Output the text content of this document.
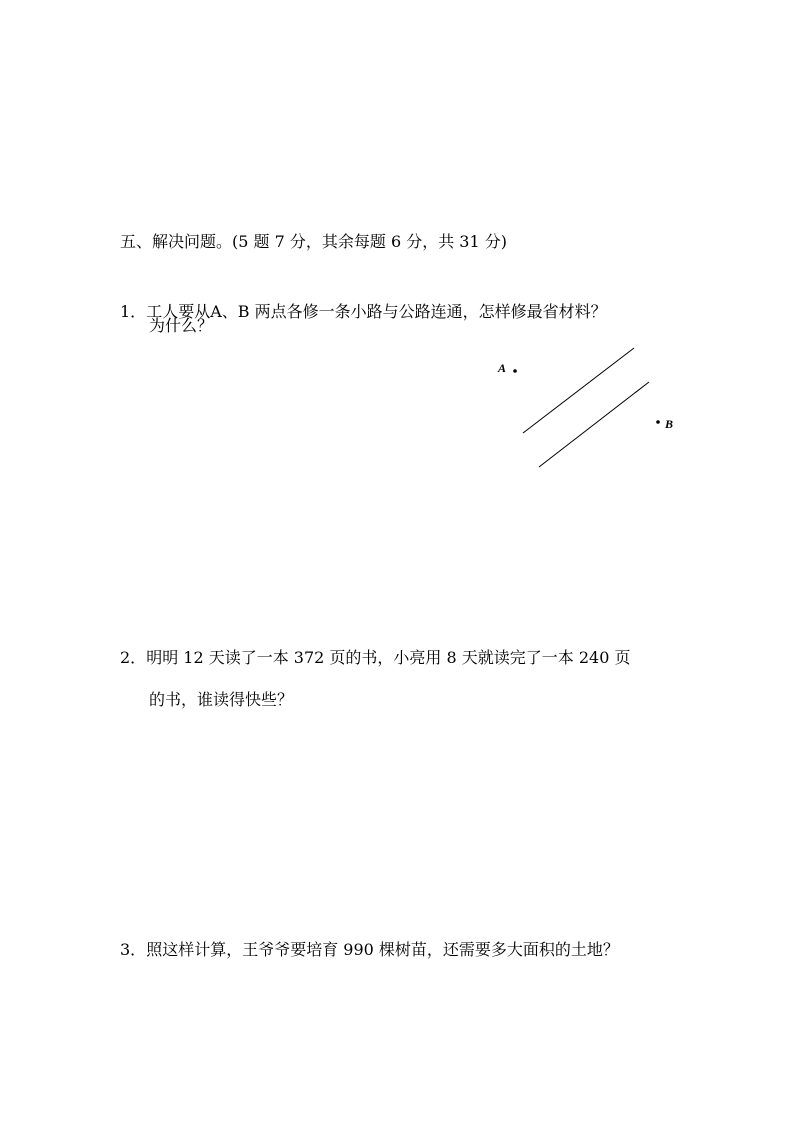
五、解决问题。(5 题 7 分，其余每题 6 分，共 31 分)
1．工人要从A、B 两点各修一条小路与公路连通，怎样修最省材料？
为什么？
A
B
2．明明 12 天读了一本 372 页的书，小亮用 8 天就读完了一本 240 页
的书，谁读得快些？
3．照这样计算，王爷爷要培育 990 棵树苗，还需要多大面积的土地？
